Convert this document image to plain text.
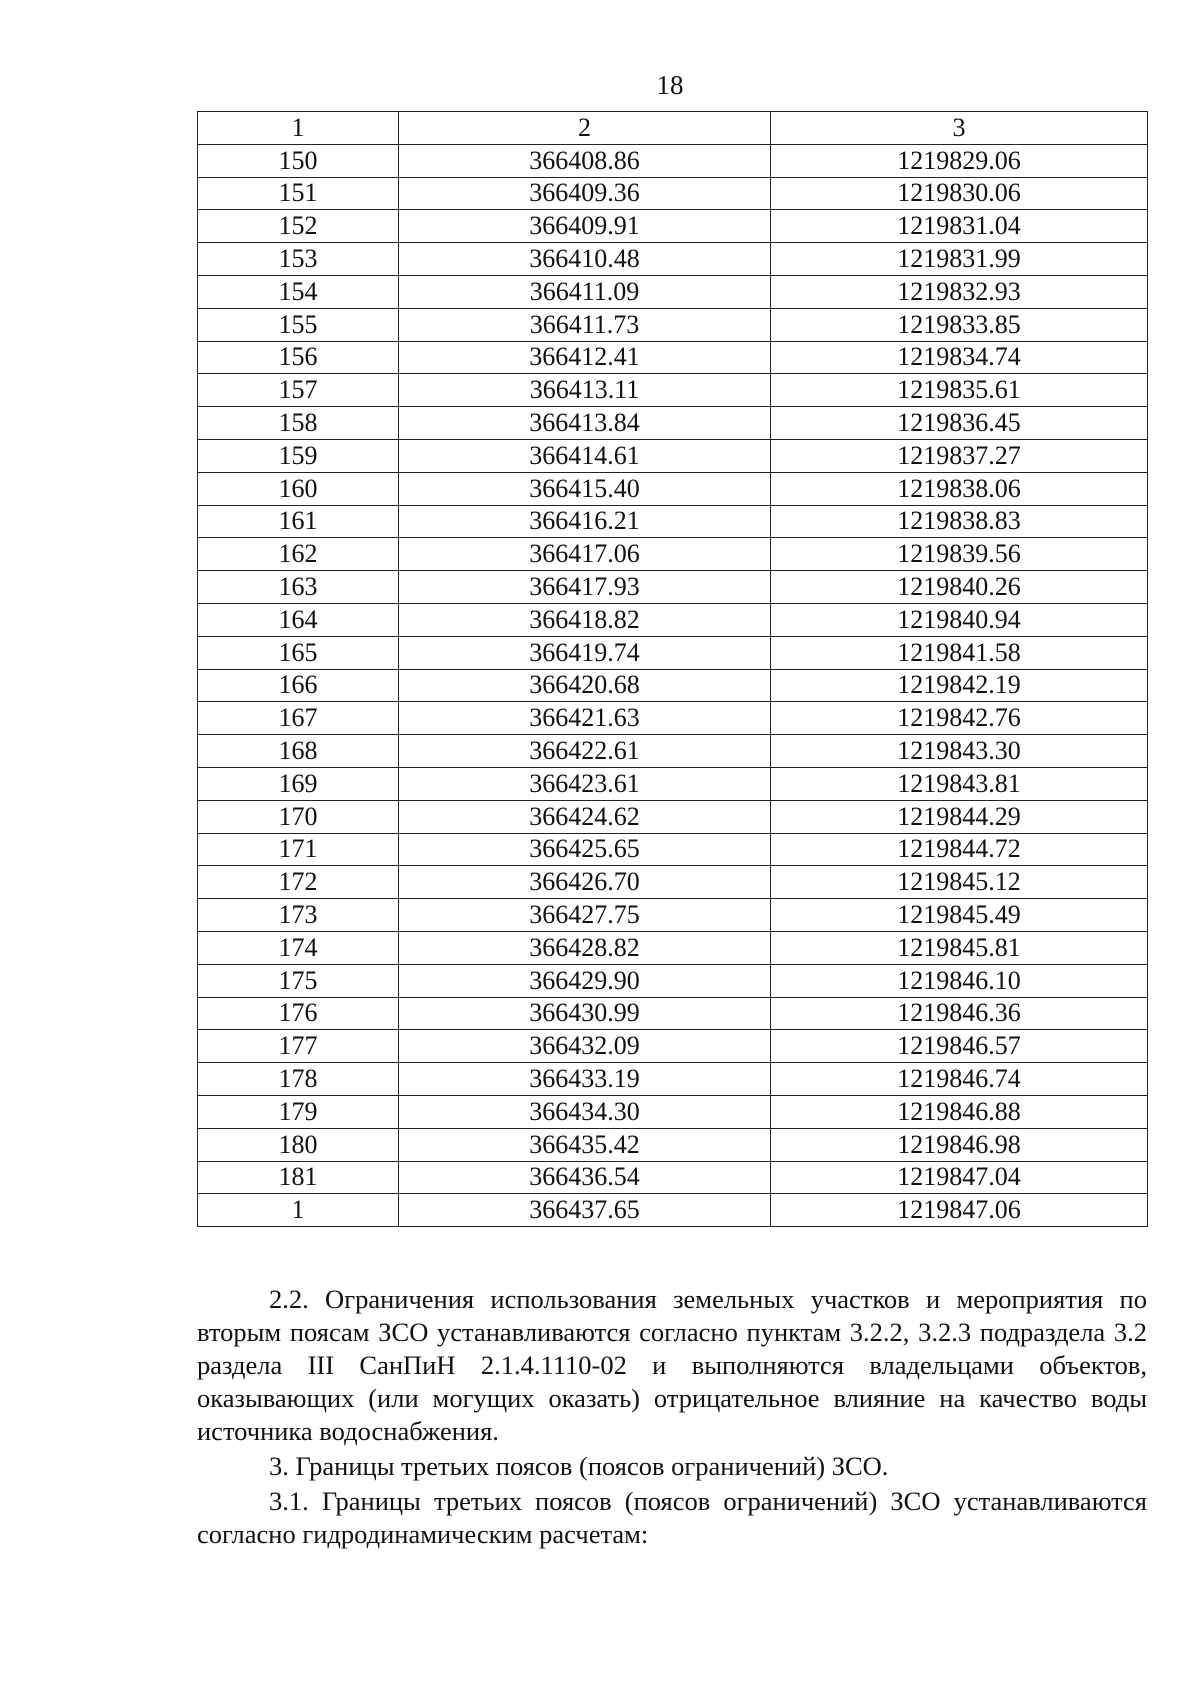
18
1	2	3
150	366408.86	1219829.06
151	366409.36	1219830.06
152	366409.91	1219831.04
153	366410.48	1219831.99
154	366411.09	1219832.93
155	366411.73	1219833.85
156	366412.41	1219834.74
157	366413.11	1219835.61
158	366413.84	1219836.45
159	366414.61	1219837.27
160	366415.40	1219838.06
161	366416.21	1219838.83
162	366417.06	1219839.56
163	366417.93	1219840.26
164	366418.82	1219840.94
165	366419.74	1219841.58
166	366420.68	1219842.19
167	366421.63	1219842.76
168	366422.61	1219843.30
169	366423.61	1219843.81
170	366424.62	1219844.29
171	366425.65	1219844.72
172	366426.70	1219845.12
173	366427.75	1219845.49
174	366428.82	1219845.81
175	366429.90	1219846.10
176	366430.99	1219846.36
177	366432.09	1219846.57
178	366433.19	1219846.74
179	366434.30	1219846.88
180	366435.42	1219846.98
181	366436.54	1219847.04
1	366437.65	1219847.06

2.2. Ограничения использования земельных участков и мероприятия по вторым поясам ЗСО устанавливаются согласно пунктам 3.2.2, 3.2.3 подраздела 3.2 раздела III СанПиН 2.1.4.1110-02 и выполняются владельцами объектов, оказывающих (или могущих оказать) отрицательное влияние на качество воды источника водоснабжения.

3. Границы третьих поясов (поясов ограничений) ЗСО.

3.1. Границы третьих поясов (поясов ограничений) ЗСО устанавливаются согласно гидродинамическим расчетам:
